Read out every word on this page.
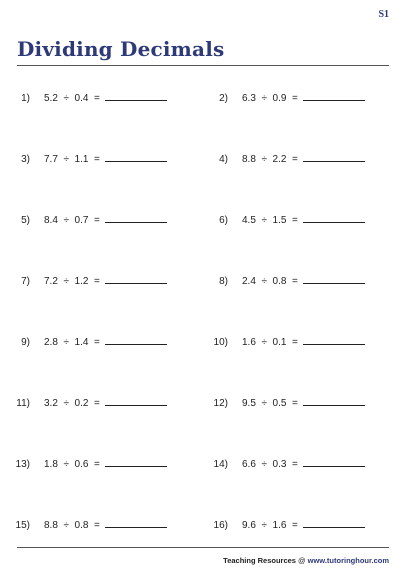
S1
Dividing Decimals
1) 5.2 ÷ 0.4 =	2) 6.3 ÷ 0.9 =
3) 7.7 ÷ 1.1 =	4) 8.8 ÷ 2.2 =
5) 8.4 ÷ 0.7 =	6) 4.5 ÷ 1.5 =
7) 7.2 ÷ 1.2 =	8) 2.4 ÷ 0.8 =
9) 2.8 ÷ 1.4 =	10) 1.6 ÷ 0.1 =
11) 3.2 ÷ 0.2 =	12) 9.5 ÷ 0.5 =
13) 1.8 ÷ 0.6 =	14) 6.6 ÷ 0.3 =
15) 8.8 ÷ 0.8 =	16) 9.6 ÷ 1.6 =
Teaching Resources @ www.tutoringhour.com
